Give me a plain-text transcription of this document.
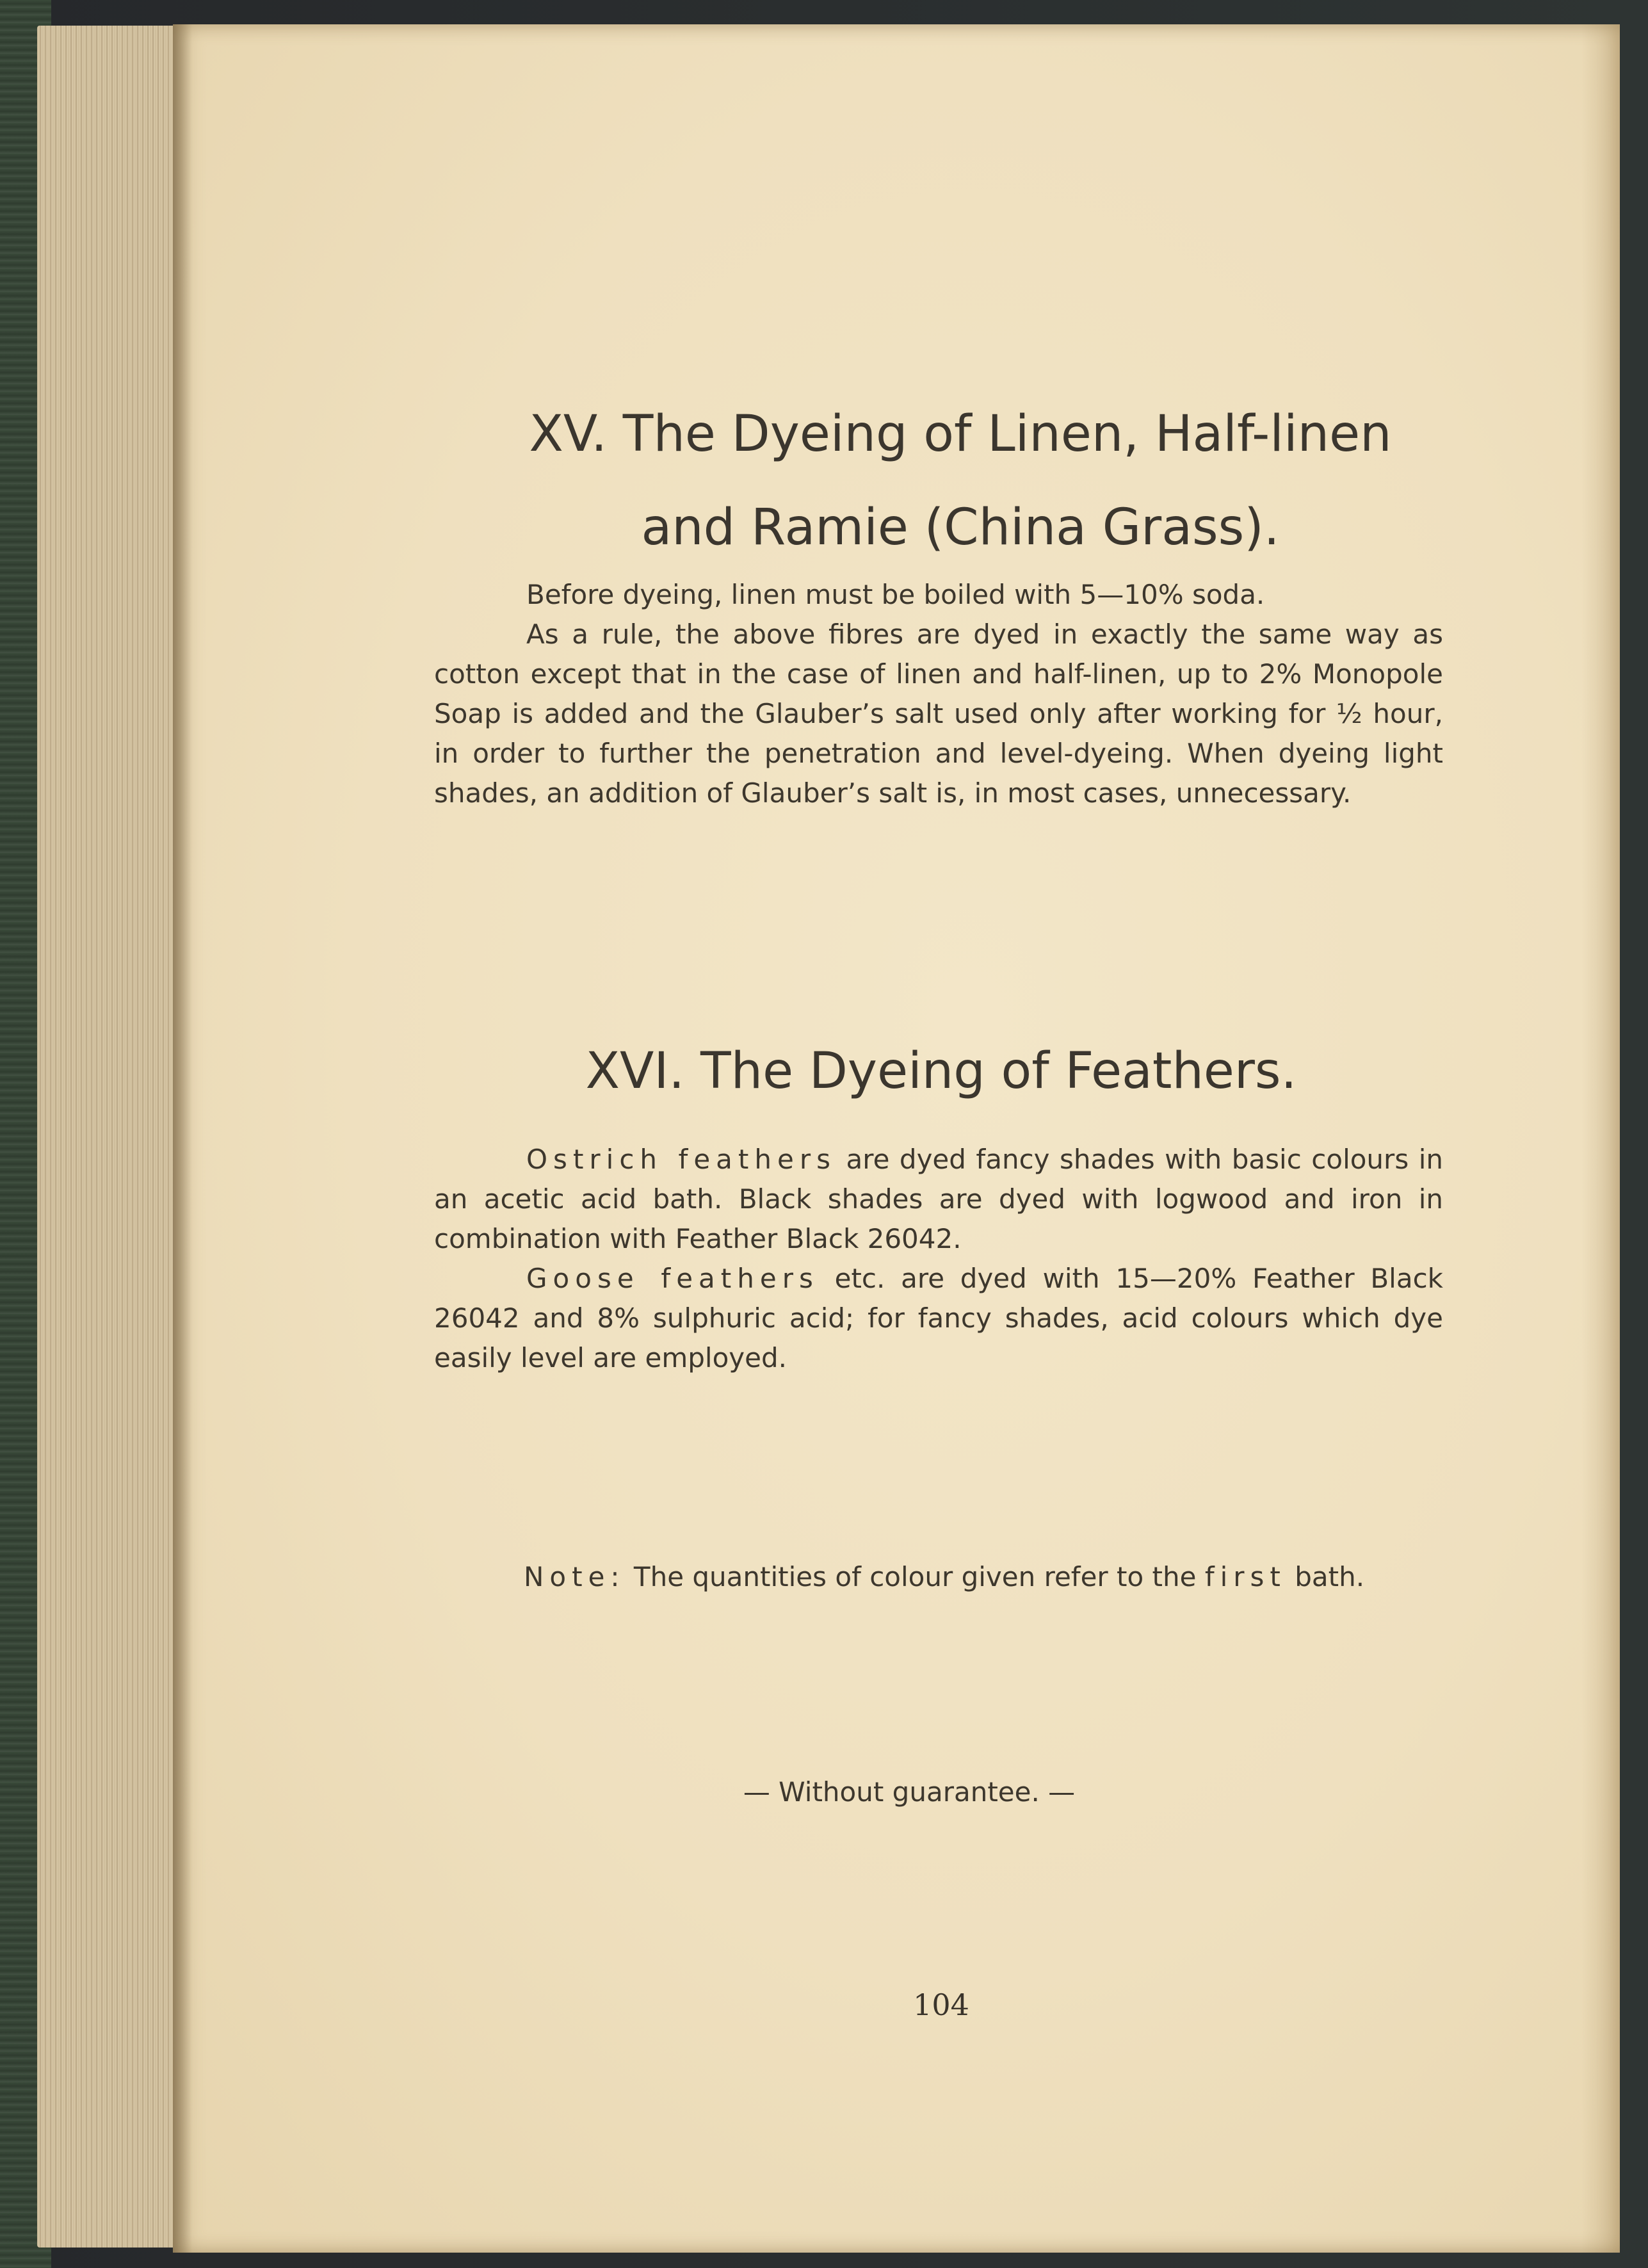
XV. The Dyeing of Linen, Half-linen
and Ramie (China Grass).

Before dyeing, linen must be boiled with 5—10% soda.

As a rule, the above fibres are dyed in exactly the same way as cotton except that in the case of linen and half-linen, up to 2% Monopole Soap is added and the Glauber’s salt used only after working for ½ hour, in order to further the penetration and level-dyeing. When dyeing light shades, an addition of Glauber’s salt is, in most cases, unnecessary.

XVI. The Dyeing of Feathers.

Ostrich feathers are dyed fancy shades with basic colours in an acetic acid bath. Black shades are dyed with logwood and iron in combination with Feather Black 26042.

Goose feathers etc. are dyed with 15—20% Feather Black 26042 and 8% sulphuric acid; for fancy shades, acid colours which dye easily level are employed.

Note: The quantities of colour given refer to the first bath.
— Without guarantee. —
104
